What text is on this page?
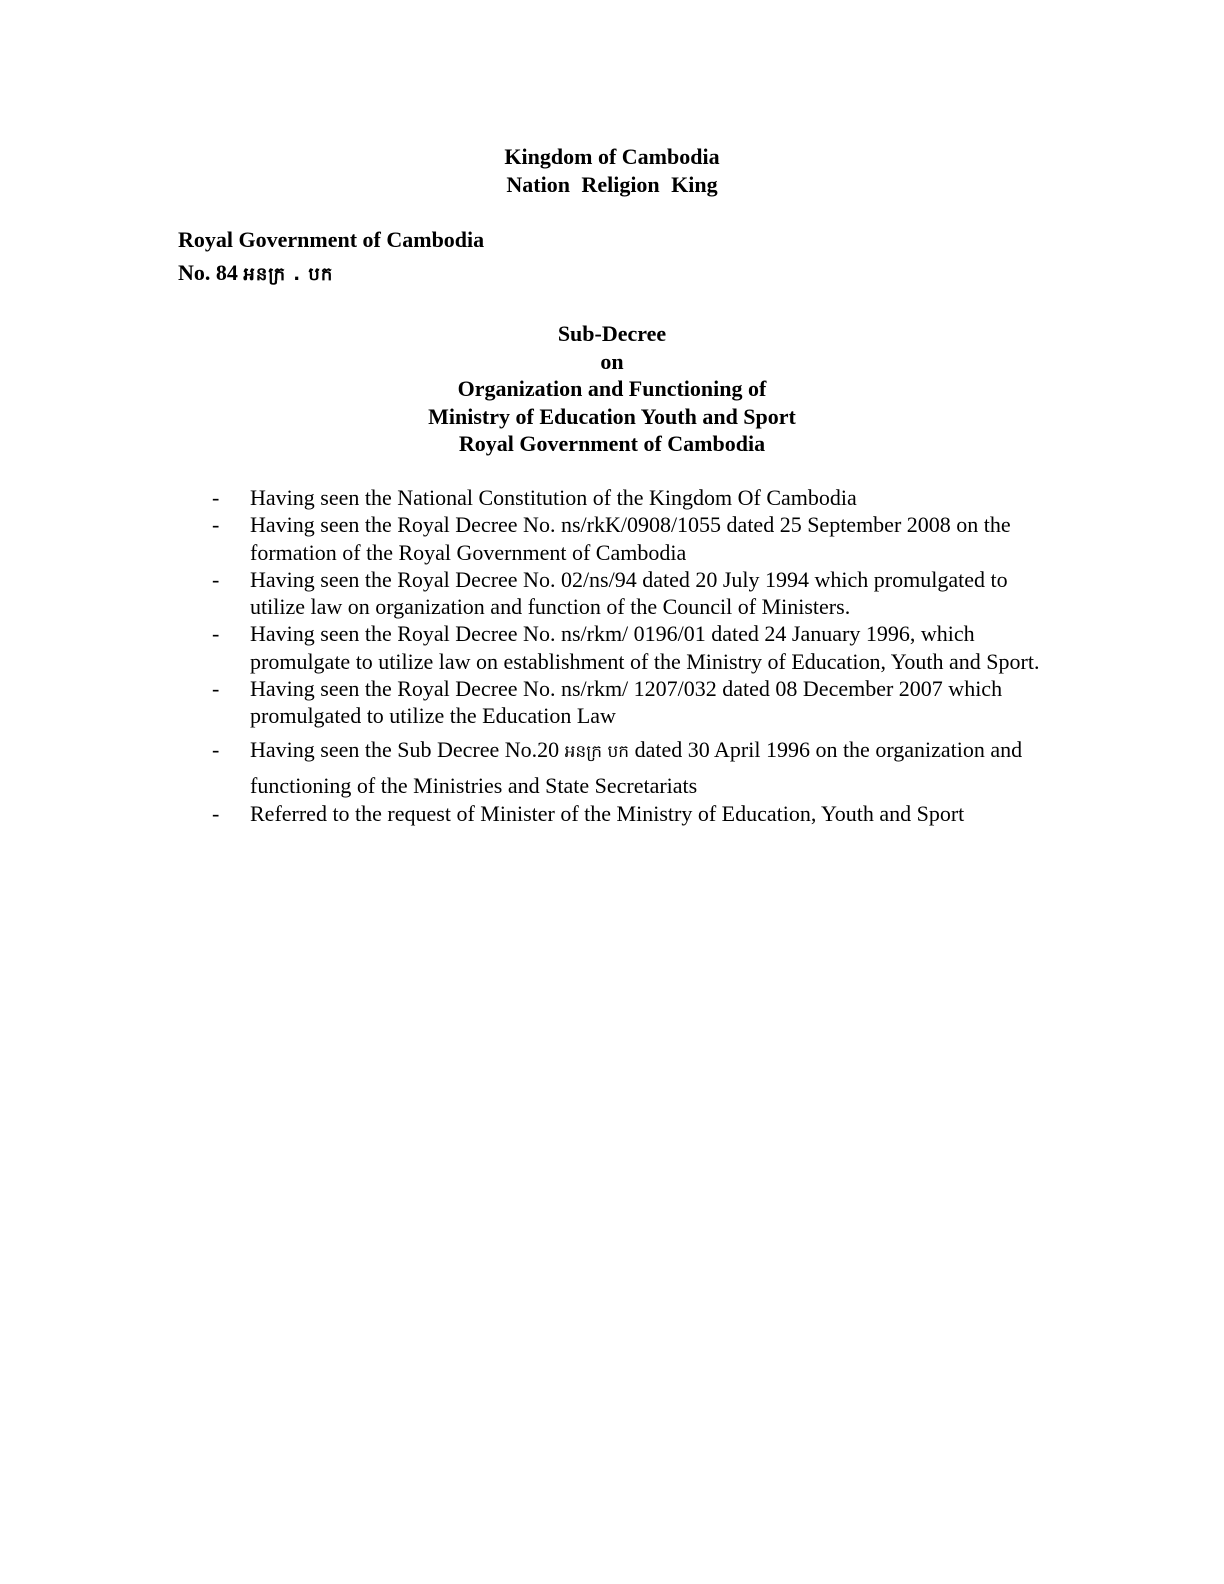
Kingdom of Cambodia
Nation Religion King
Royal Government of Cambodia
No. 84 អនក្រ . បក
Sub-Decree
on
Organization and Functioning of
Ministry of Education Youth and Sport
Royal Government of Cambodia
- Having seen the National Constitution of the Kingdom Of Cambodia
- Having seen the Royal Decree No. ns/rkK/0908/1055 dated 25 September 2008 on the formation of the Royal Government of Cambodia
- Having seen the Royal Decree No. 02/ns/94 dated 20 July 1994 which promulgated to utilize law on organization and function of the Council of Ministers.
- Having seen the Royal Decree No. ns/rkm/ 0196/01 dated 24 January 1996, which promulgate to utilize law on establishment of the Ministry of Education, Youth and Sport.
- Having seen the Royal Decree No. ns/rkm/ 1207/032 dated 08 December 2007 which promulgated to utilize the Education Law
- Having seen the Sub Decree No.20 អនក្រ បក dated 30 April 1996 on the organization and functioning of the Ministries and State Secretariats
- Referred to the request of Minister of the Ministry of Education, Youth and Sport
